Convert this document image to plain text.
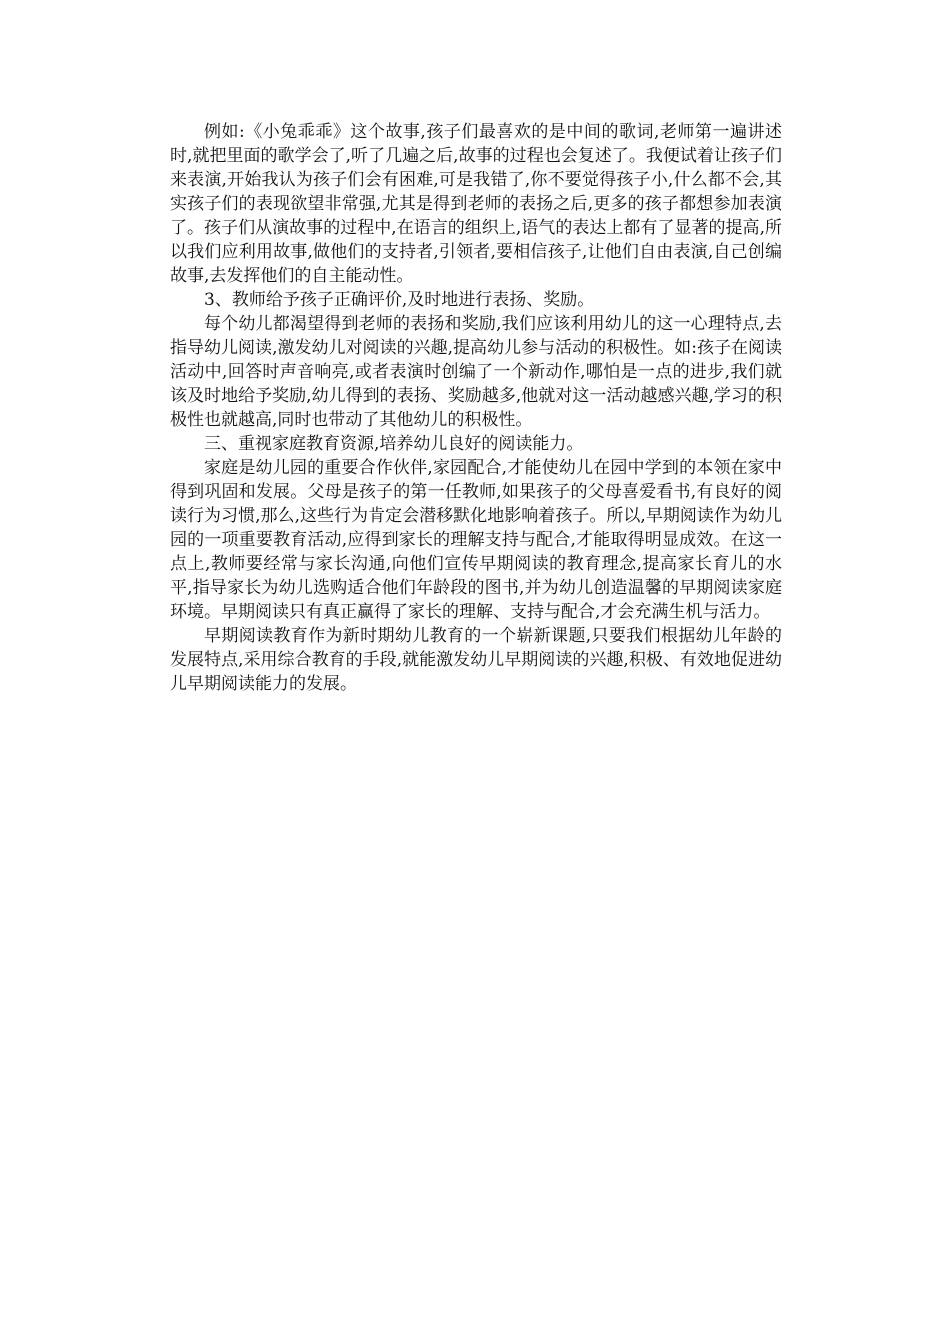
例如:《小兔乖乖》这个故事,孩子们最喜欢的是中间的歌词,老师第一遍讲述时,就把里面的歌学会了,听了几遍之后,故事的过程也会复述了。我便试着让孩子们来表演,开始我认为孩子们会有困难,可是我错了,你不要觉得孩子小,什么都不会,其实孩子们的表现欲望非常强,尤其是得到老师的表扬之后,更多的孩子都想参加表演了。孩子们从演故事的过程中,在语言的组织上,语气的表达上都有了显著的提高,所以我们应利用故事,做他们的支持者,引领者,要相信孩子,让他们自由表演,自己创编故事,去发挥他们的自主能动性。

3、教师给予孩子正确评价,及时地进行表扬、奖励。

每个幼儿都渴望得到老师的表扬和奖励,我们应该利用幼儿的这一心理特点,去指导幼儿阅读,激发幼儿对阅读的兴趣,提高幼儿参与活动的积极性。如:孩子在阅读活动中,回答时声音响亮,或者表演时创编了一个新动作,哪怕是一点的进步,我们就该及时地给予奖励,幼儿得到的表扬、奖励越多,他就对这一活动越感兴趣,学习的积极性也就越高,同时也带动了其他幼儿的积极性。

三、重视家庭教育资源,培养幼儿良好的阅读能力。

家庭是幼儿园的重要合作伙伴,家园配合,才能使幼儿在园中学到的本领在家中得到巩固和发展。父母是孩子的第一任教师,如果孩子的父母喜爱看书,有良好的阅读行为习惯,那么,这些行为肯定会潜移默化地影响着孩子。所以,早期阅读作为幼儿园的一项重要教育活动,应得到家长的理解支持与配合,才能取得明显成效。在这一点上,教师要经常与家长沟通,向他们宣传早期阅读的教育理念,提高家长育儿的水平,指导家长为幼儿选购适合他们年龄段的图书,并为幼儿创造温馨的早期阅读家庭环境。早期阅读只有真正赢得了家长的理解、支持与配合,才会充满生机与活力。

早期阅读教育作为新时期幼儿教育的一个崭新课题,只要我们根据幼儿年龄的发展特点,采用综合教育的手段,就能激发幼儿早期阅读的兴趣,积极、有效地促进幼儿早期阅读能力的发展。
